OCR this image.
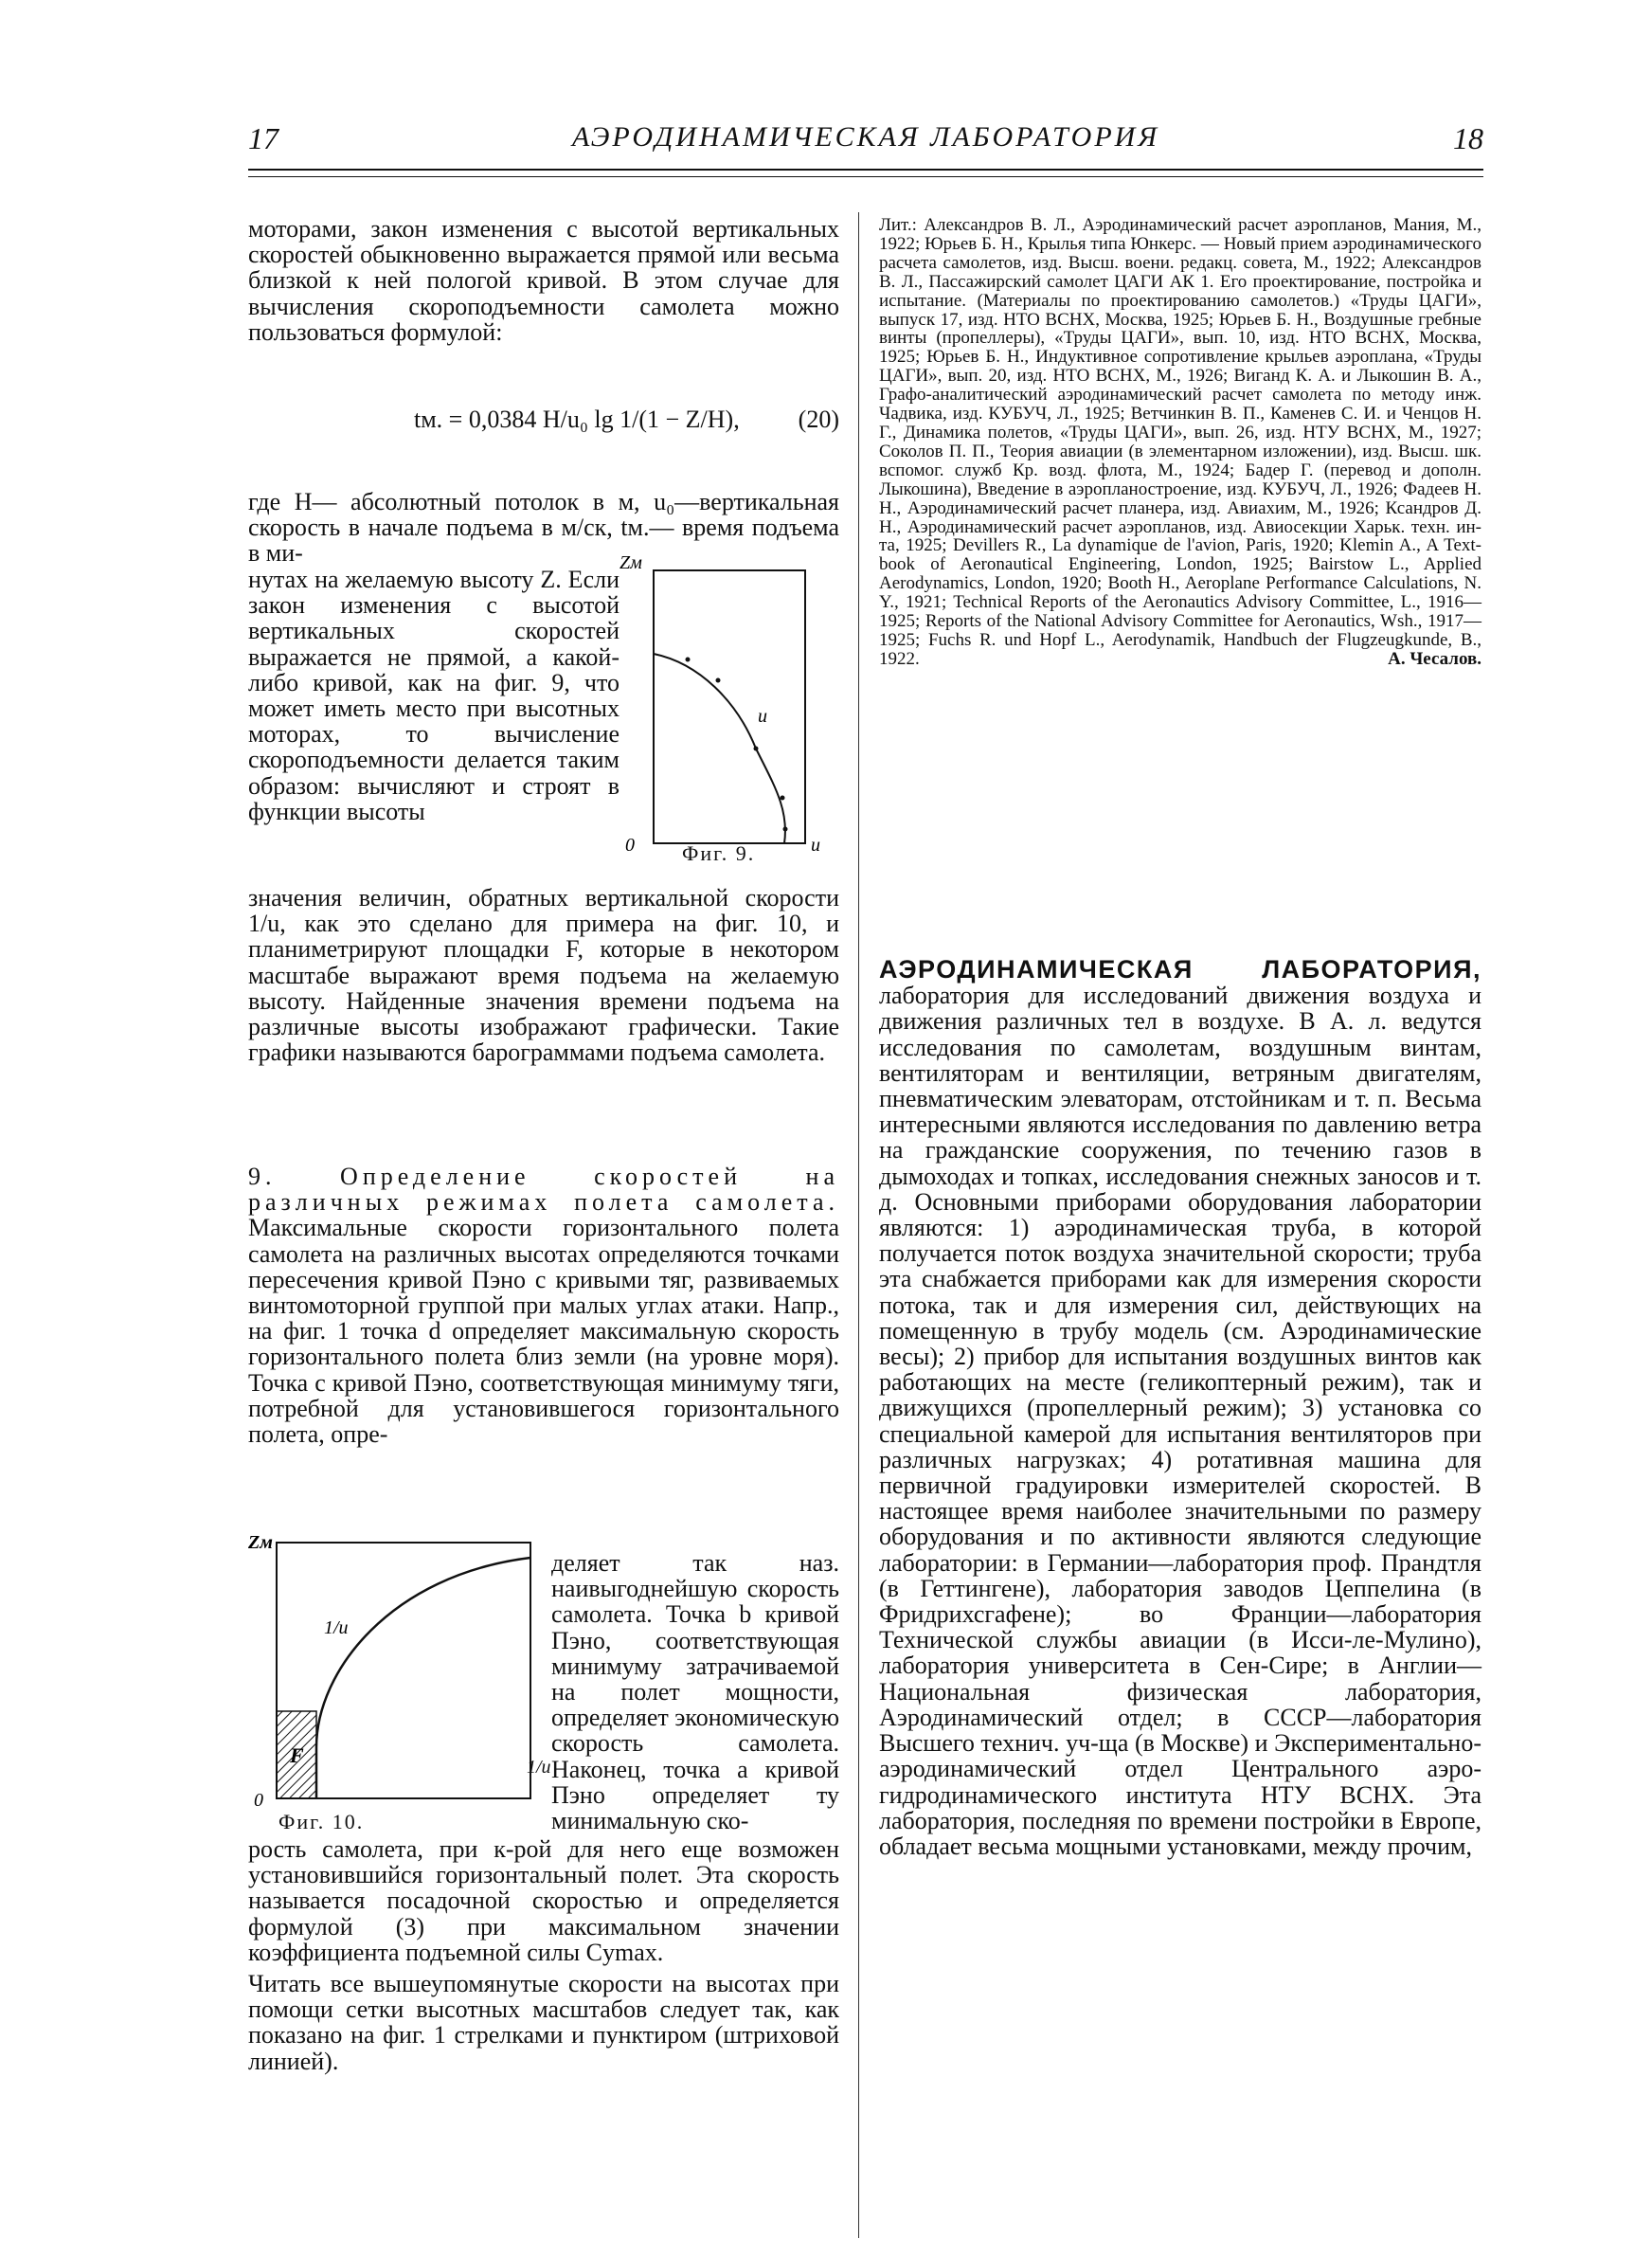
17	АЭРОДИНАМИЧЕСКАЯ ЛАБОРАТОРИЯ	18
моторами, закон изменения с высотой вертикальных скоростей обыкновенно выражается прямой или весьма близкой к ней пологой кривой. В этом случае для вычисления скороподъемности самолета можно пользоваться формулой:
tм. = 0,0384 H/u₀ lg 1/(1 − Z/H), (20)
где H— абсолютный потолок в м, u₀—вертикальная скорость в начале подъема в м/ск, tм.— время подъема в ми-
нутах на желаемую высоту Z. Если закон изменения с высотой вертикальных скоростей выражается не прямой, а какой-либо кривой, как на фиг. 9, что может иметь место при высотных моторах, то вычисление скороподъемности делается таким образом: вычисляют и строят в функции высоты
Zм
0	u
u
Фиг. 9.
значения величин, обратных вертикальной скорости 1/u, как это сделано для примера на фиг. 10, и планиметрируют площадки F, которые в некотором масштабе выражают время подъема на желаемую высоту. Найденные значения времени подъема на различные высоты изображают графически. Такие графики называются барограммами подъема самолета.
9. Определение скоростей на различных режимах полета самолета. Максимальные скорости горизонтального полета самолета на различных высотах определяются точками пересечения кривой Пэно с кривыми тяг, развиваемых винтомоторной группой при малых углах атаки. Напр., на фиг. 1 точка d определяет максимальную скорость горизонтального полета близ земли (на уровне моря). Точка c кривой Пэно, соответствующая минимуму тяги, потребной для установившегося горизонтального полета, опре-
Zм
0
F
1/u
Фиг. 10.
1/u
деляет так наз. наивыгоднейшую скорость самолета. Точка b кривой Пэно, соответствующая минимуму затрачиваемой на полет мощности, определяет экономическую скорость самолета. Наконец, точка a кривой Пэно определяет ту минимальную ско-
рость самолета, при к-рой для него еще возможен установившийся горизонтальный полет. Эта скорость называется посадочной скоростью и определяется формулой (3) при максимальном значении коэффициента подъемной силы Cymax.
Читать все вышеупомянутые скорости на высотах при помощи сетки высотных масштабов следует так, как показано на фиг. 1 стрелками и пунктиром (штриховой линией).
Лит.: Александров В. Л., Аэродинамический расчет аэропланов, Мания, М., 1922; Юрьев Б. Н., Крылья типа Юнкерс. — Новый прием аэродинамического расчета самолетов, изд. Высш. воени. редакц. совета, М., 1922; Александров В. Л., Пассажирский самолет ЦАГИ АК 1. Его проектирование, постройка и испытание. (Материалы по проектированию самолетов.) «Труды ЦАГИ», выпуск 17, изд. НТО ВСНХ, Москва, 1925; Юрьев Б. Н., Воздушные гребные винты (пропеллеры), «Труды ЦАГИ», вып. 10, изд. НТО ВСНХ, Москва, 1925; Юрьев Б. Н., Индуктивное сопротивление крыльев аэроплана, «Труды ЦАГИ», вып. 20, изд. НТО ВСНХ, М., 1926; Виганд К. А. и Лыкошин В. А., Графо-аналитический аэродинамический расчет самолета по методу инж. Чадвика, изд. КУБУЧ, Л., 1925; Ветчинкин В. П., Каменев С. И. и Ченцов Н. Г., Динамика полетов, «Труды ЦАГИ», вып. 26, изд. НТУ ВСНХ, М., 1927; Соколов П. П., Теория авиации (в элементарном изложении), изд. Высш. шк. вспомог. служб Кр. возд. флота, М., 1924; Бадер Г. (перевод и дополн. Лыкошина), Введение в аэропланостроение, изд. КУБУЧ, Л., 1926; Фадеев Н. Н., Аэродинамический расчет планера, изд. Авиахим, М., 1926; Ксандров Д. Н., Аэродинамический расчет аэропланов, изд. Авиосекции Харьк. техн. ин-та, 1925; Devillers R., La dynamique de l'avion, Paris, 1920; Klemin A., A Text-book of Aeronautical Engineering, London, 1925; Bairstow L., Applied Aerodynamics, London, 1920; Booth H., Aeroplane Performance Calculations, N. Y., 1921; Technical Reports of the Aeronautics Advisory Committee, L., 1916—1925; Reports of the National Advisory Committee for Aeronautics, Wsh., 1917—1925; Fuchs R. und Hopf L., Aerodynamik, Handbuch der Flugzeugkunde, B., 1922.	А. Чесалов.
АЭРОДИНАМИЧЕСКАЯ ЛАБОРАТОРИЯ, лаборатория для исследований движения воздуха и движения различных тел в воздухе. В А. л. ведутся исследования по самолетам, воздушным винтам, вентиляторам и вентиляции, ветряным двигателям, пневматическим элеваторам, отстойникам и т. п. Весьма интересными являются исследования по давлению ветра на гражданские сооружения, по течению газов в дымоходах и топках, исследования снежных заносов и т. д. Основными приборами оборудования лаборатории являются: 1) аэродинамическая труба, в которой получается поток воздуха значительной скорости; труба эта снабжается приборами как для измерения скорости потока, так и для измерения сил, действующих на помещенную в трубу модель (см. Аэродинамические весы); 2) прибор для испытания воздушных винтов как работающих на месте (геликоптерный режим), так и движущихся (пропеллерный режим); 3) установка со специальной камерой для испытания вентиляторов при различных нагрузках; 4) ротативная машина для первичной градуировки измерителей скоростей. В настоящее время наиболее значительными по размеру оборудования и по активности являются следующие лаборатории: в Германии—лаборатория проф. Прандтля (в Геттингене), лаборатория заводов Цеппелина (в Фридрихсгафене); во Франции—лаборатория Технической службы авиации (в Исси-ле-Мулино), лаборатория университета в Сен-Сире; в Англии—Национальная физическая лаборатория, Аэродинамический отдел; в СССР—лаборатория Высшего технич. уч-ща (в Москве) и Экспериментально-аэродинамический отдел Центрального аэро-гидродинамического института НТУ ВСНХ. Эта лаборатория, последняя по времени постройки в Европе, обладает весьма мощными установками, между прочим,
